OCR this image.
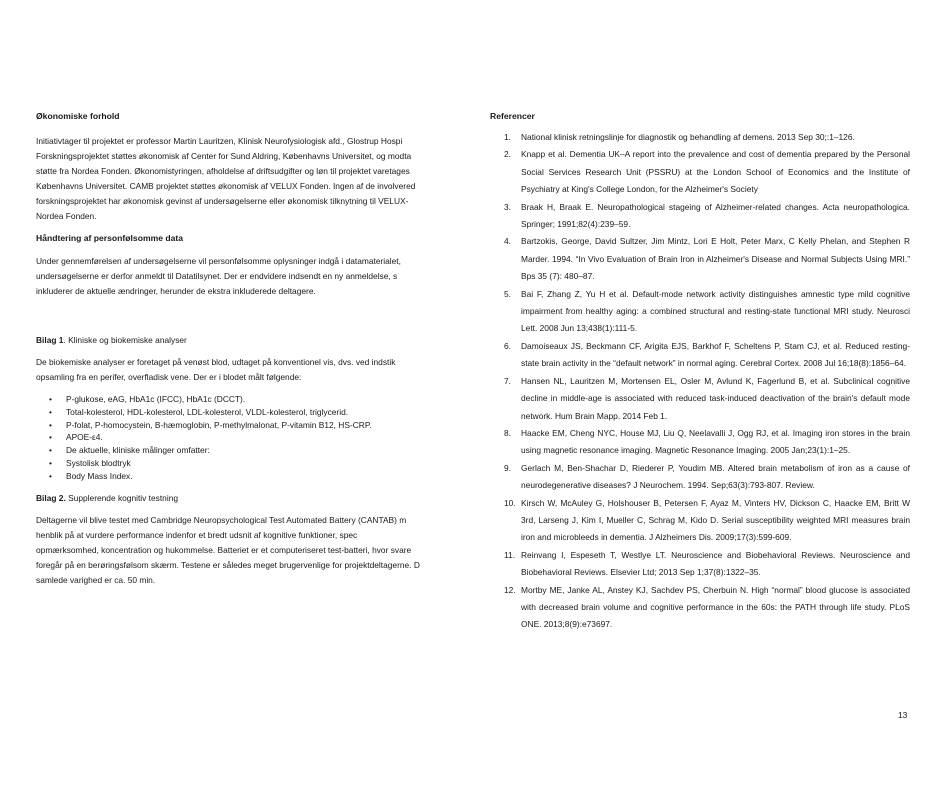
Økonomiske forhold
Initiativtager til projektet er professor Martin Lauritzen, Klinisk Neurofysiologisk afd., Glostrup Hospi
Forskningsprojektet støttes økonomisk af Center for Sund Aldring, Københavns Universitet, og modta
støtte fra Nordea Fonden. Økonomistyringen, afholdelse af driftsudgifter og løn til projektet varetages
Københavns Universitet. CAMB projektet støttes økonomisk af VELUX Fonden. Ingen af de involvered
forskningsprojektet har økonomisk gevinst af undersøgelserne eller økonomisk tilknytning til VELUX-
Nordea Fonden.
Håndtering af personfølsomme data
Under gennemførelsen af undersøgelserne vil personfølsomme oplysninger indgå i datamaterialet,
undersøgelserne er derfor anmeldt til Datatilsynet. Der er endvidere indsendt en ny anmeldelse, s
inkluderer de aktuelle ændringer, herunder de ekstra inkluderede deltagere.
Bilag 1. Kliniske og biokemiske analyser
De biokemiske analyser er foretaget på venøst blod, udtaget på konventionel vis, dvs. ved indstik
opsamling fra en perifer, overfladisk vene. Der er i blodet målt følgende:
• P-glukose, eAG, HbA1c (IFCC), HbA1c (DCCT).
• Total-kolesterol, HDL-kolesterol, LDL-kolesterol, VLDL-kolesterol, triglycerid.
• P-folat, P-homocystein, B-hæmoglobin, P-methylmalonat, P-vitamin B12, HS-CRP.
• APOE-ε4.
• De aktuelle, kliniske målinger omfatter:
• Systolisk blodtryk
• Body Mass Index.
Bilag 2. Supplerende kognitiv testning
Deltagerne vil blive testet med Cambridge Neuropsychological Test Automated Battery (CANTAB) m
henblik på at vurdere performance indenfor et bredt udsnit af kognitive funktioner, spec
opmærksomhed, koncentration og hukommelse. Batteriet er et computeriseret test-batteri, hvor svare
foregår på en berøringsfølsom skærm. Testene er således meget brugervenlige for projektdeltagerne. D
samlede varighed er ca. 50 min.
Referencer
1. National klinisk retningslinje for diagnostik og behandling af demens. 2013 Sep 30;:1–126.
2. Knapp et al. Dementia UK–A report into the prevalence and cost of dementia prepared by the Personal Social Services Research Unit (PSSRU) at the London School of Economics and the Institute of Psychiatry at King's College London, for the Alzheimer's Society
3. Braak H, Braak E. Neuropathological stageing of Alzheimer-related changes. Acta neuropathologica. Springer; 1991;82(4):239–59.
4. Bartzokis, George, David Sultzer, Jim Mintz, Lori E Holt, Peter Marx, C Kelly Phelan, and Stephen R Marder. 1994. “In Vivo Evaluation of Brain Iron in Alzheimer's Disease and Normal Subjects Using MRI.” Bps 35 (7): 480–87.
5. Bai F, Zhang Z, Yu H et al. Default-mode network activity distinguishes amnestic type mild cognitive impairment from healthy aging: a combined structural and resting-state functional MRI study. Neurosci Lett. 2008 Jun 13;438(1):111-5.
6. Damoiseaux JS, Beckmann CF, Arigita EJS, Barkhof F, Scheltens P, Stam CJ, et al. Reduced resting-state brain activity in the “default network” in normal aging. Cerebral Cortex. 2008 Jul 16;18(8):1856–64.
7. Hansen NL, Lauritzen M, Mortensen EL, Osler M, Avlund K, Fagerlund B, et al. Subclinical cognitive decline in middle-age is associated with reduced task-induced deactivation of the brain's default mode network. Hum Brain Mapp. 2014 Feb 1.
8. Haacke EM, Cheng NYC, House MJ, Liu Q, Neelavalli J, Ogg RJ, et al. Imaging iron stores in the brain using magnetic resonance imaging. Magnetic Resonance Imaging. 2005 Jan;23(1):1–25.
9. Gerlach M, Ben-Shachar D, Riederer P, Youdim MB. Altered brain metabolism of iron as a cause of neurodegenerative diseases? J Neurochem. 1994. Sep;63(3):793-807. Review.
10. Kirsch W, McAuley G, Holshouser B, Petersen F, Ayaz M, Vinters HV, Dickson C, Haacke EM, Britt W 3rd, Larseng J, Kim I, Mueller C, Schrag M, Kido D. Serial susceptibility weighted MRI measures brain iron and microbleeds in dementia. J Alzheimers Dis. 2009;17(3):599-609.
11. Reinvang I, Espeseth T, Westlye LT. Neuroscience and Biobehavioral Reviews. Neuroscience and Biobehavioral Reviews. Elsevier Ltd; 2013 Sep 1;37(8):1322–35.
12. Mortby ME, Janke AL, Anstey KJ, Sachdev PS, Cherbuin N. High “normal” blood glucose is associated with decreased brain volume and cognitive performance in the 60s: the PATH through life study. PLoS ONE. 2013;8(9):e73697.
13
